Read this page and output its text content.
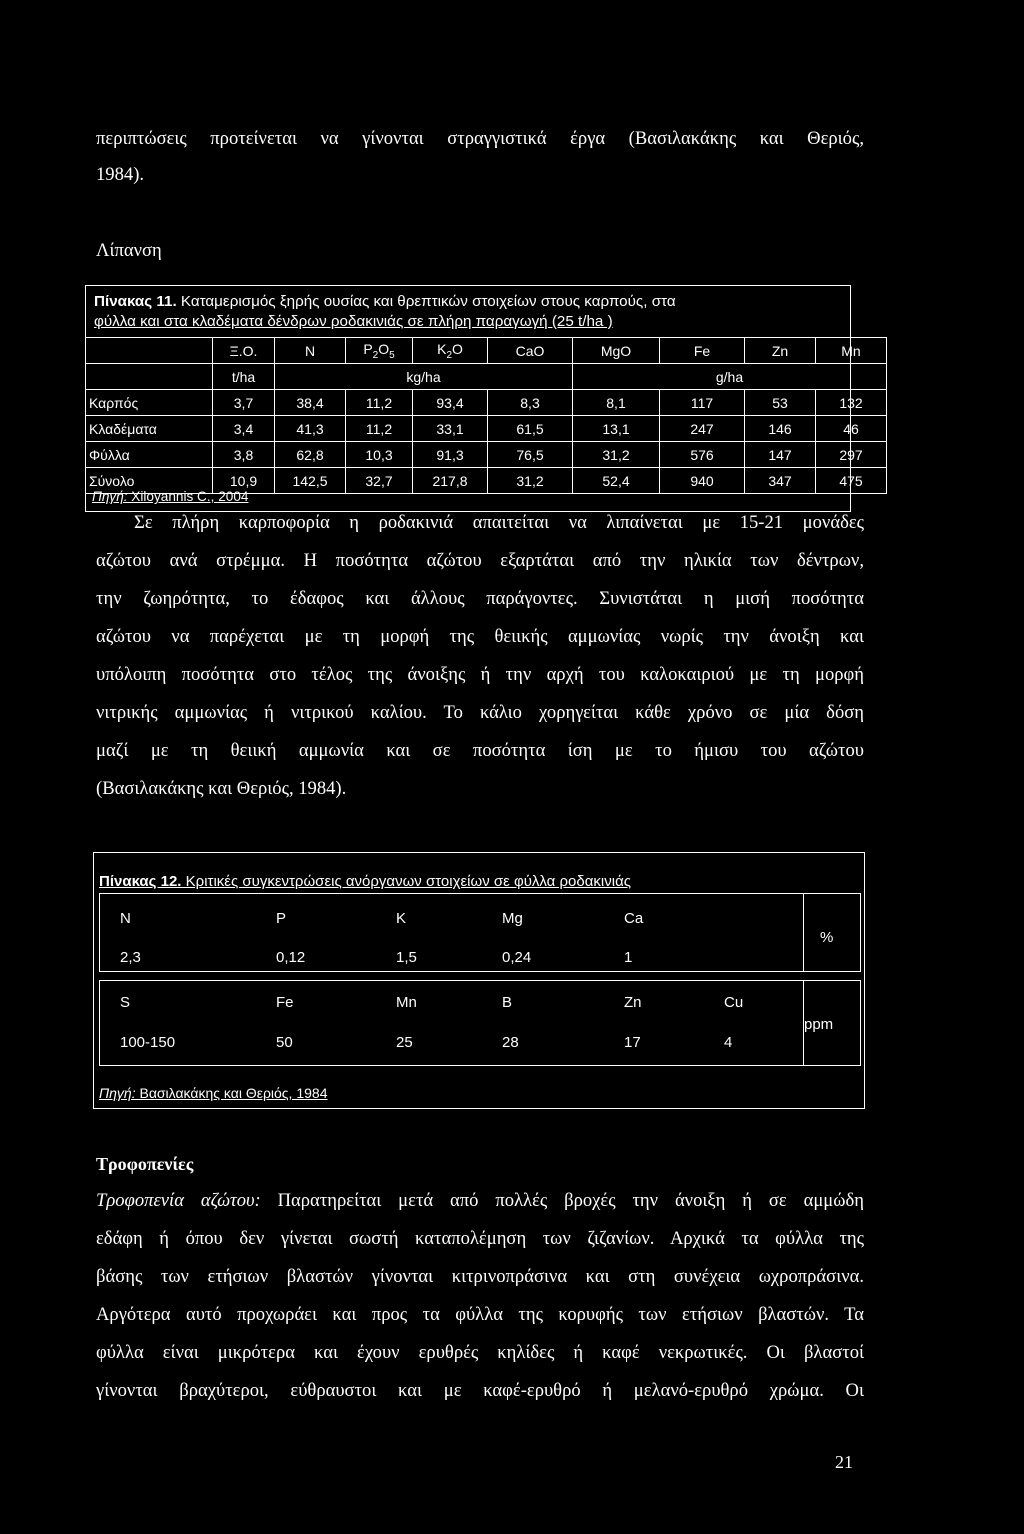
περιπτώσεις προτείνεται να γίνονται στραγγιστικά έργα (Βασιλακάκης και Θεριός,
1984).
Λίπανση
Πίνακας 11. Καταμερισμός ξηρής ουσίας και θρεπτικών στοιχείων στους καρπούς, στα
φύλλα και στα κλαδέματα δένδρων ροδακινιάς σε πλήρη παραγωγή (25 t/ha )
	Ξ.Ο.	N	$P_2O_5$	$K_2O$	CaO	MgO	Fe	Zn	Mn
	t/ha	kg/ha				g/ha			
Καρπός	3,7	38,4	11,2	93,4	8,3	8,1	117	53	132
Κλαδέματα	3,4	41,3	11,2	33,1	61,5	13,1	247	146	46
Φύλλα	3,8	62,8	10,3	91,3	76,5	31,2	576	147	297
Σύνολο	10,9	142,5	32,7	217,8	31,2	52,4	940	347	475
Πηγή: Xiloyannis C., 2004
Σε πλήρη καρποφορία η ροδακινιά απαιτείται να λιπαίνεται με 15-21 μονάδες
αζώτου ανά στρέμμα. Η ποσότητα αζώτου εξαρτάται από την ηλικία των δέντρων,
την ζωηρότητα, το έδαφος και άλλους παράγοντες. Συνιστάται η μισή ποσότητα
αζώτου να παρέχεται με τη μορφή της θειικής αμμωνίας νωρίς την άνοιξη και
υπόλοιπη ποσότητα στο τέλος της άνοιξης ή την αρχή του καλοκαιριού με τη μορφή
νιτρικής αμμωνίας ή νιτρικού καλίου. Το κάλιο χορηγείται κάθε χρόνο σε μία δόση
μαζί με τη θειική αμμωνία και σε ποσότητα ίση με το ήμισυ του αζώτου
(Βασιλακάκης και Θεριός, 1984).
Πίνακας 12. Κριτικές συγκεντρώσεις ανόργανων στοιχείων σε φύλλα ροδακινιάς
N	P	K	Mg	Ca
2,3	0,12	1,5	0,24	1
S	Fe	Mn	B	Zn	Cu
100-150	50	25	28	17	4
%
ppm
Πηγή: Βασιλακάκης και Θεριός, 1984
Τροφοπενίες
Τροφοπενία αζώτου: Παρατηρείται μετά από πολλές βροχές την άνοιξη ή σε αμμώδη
εδάφη ή όπου δεν γίνεται σωστή καταπολέμηση των ζιζανίων. Αρχικά τα φύλλα της
βάσης των ετήσιων βλαστών γίνονται κιτρινοπράσινα και στη συνέχεια ωχροπράσινα.
Αργότερα αυτό προχωράει και προς τα φύλλα της κορυφής των ετήσιων βλαστών. Τα
φύλλα είναι μικρότερα και έχουν ερυθρές κηλίδες ή καφέ νεκρωτικές. Οι βλαστοί
γίνονται βραχύτεροι, εύθραυστοι και με καφέ-ερυθρό ή μελανό-ερυθρό χρώμα. Οι
21
